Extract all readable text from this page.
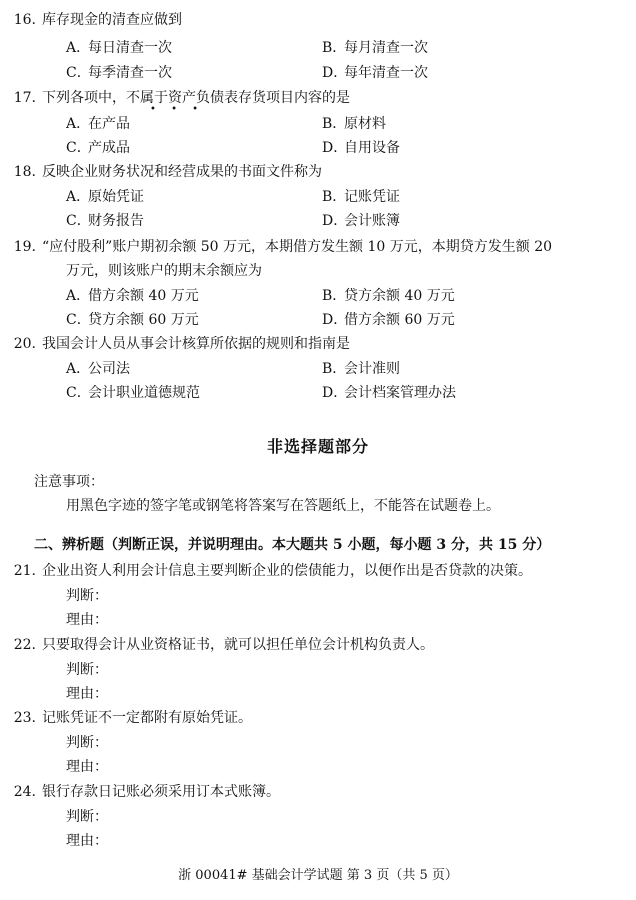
16. 库存现金的清查应做到
A．每日清查一次	B．每月清查一次
C．每季清查一次	D．每年清查一次
17. 下列各项中，不属于资产负债表存货项目内容的是
• • •
A．在产品	B．原材料
C．产成品	D．自用设备
18. 反映企业财务状况和经营成果的书面文件称为
A．原始凭证	B．记账凭证
C．财务报告	D．会计账簿
19. “应付股利”账户期初余额 50 万元，本期借方发生额 10 万元，本期贷方发生额 20
万元，则该账户的期末余额应为
A．借方余额 40 万元	B．贷方余额 40 万元
C．贷方余额 60 万元	D．借方余额 60 万元
20. 我国会计人员从事会计核算所依据的规则和指南是
A．公司法	B．会计准则
C．会计职业道德规范	D．会计档案管理办法
非选择题部分
注意事项：
用黑色字迹的签字笔或钢笔将答案写在答题纸上，不能答在试题卷上。
二、辨析题（判断正误，并说明理由。本大题共 5 小题，每小题 3 分，共 15 分）
21. 企业出资人利用会计信息主要判断企业的偿债能力，以便作出是否贷款的决策。
判断：
理由：
22. 只要取得会计从业资格证书，就可以担任单位会计机构负责人。
判断：
理由：
23. 记账凭证不一定都附有原始凭证。
判断：
理由：
24. 银行存款日记账必须采用订本式账簿。
判断：
理由：
浙 00041# 基础会计学试题 第 3 页（共 5 页）
